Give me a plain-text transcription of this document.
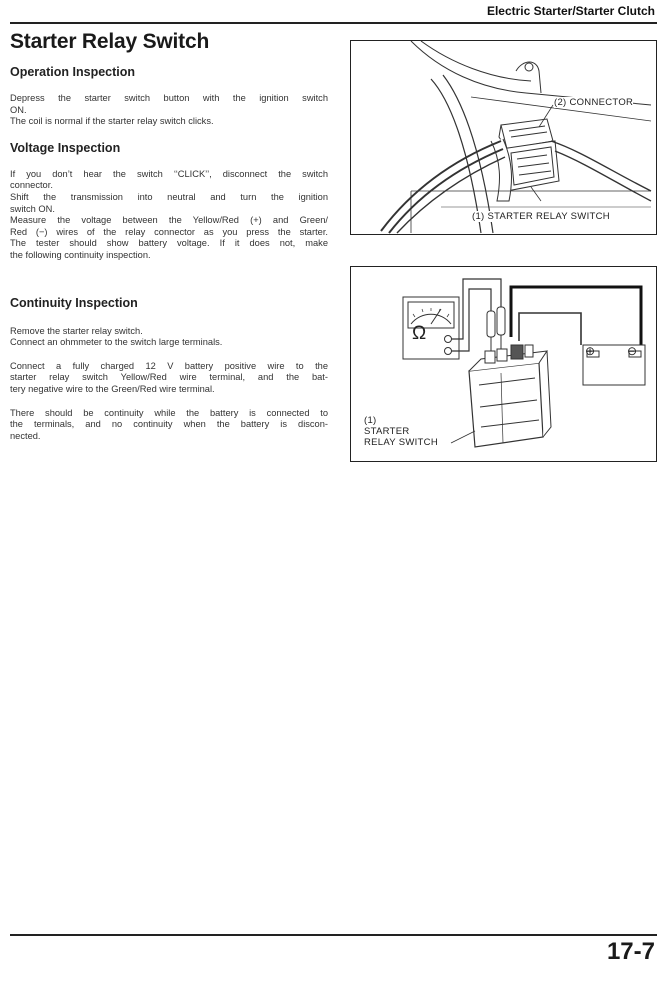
Electric Starter/Starter Clutch
Starter Relay Switch
Operation Inspection

Depress the starter switch button with the ignition switch
ON.
The coil is normal if the starter relay switch clicks.

Voltage Inspection

If you don’t hear the switch ‘‘CLICK’’, disconnect the switch
connector.
Shift the transmission into neutral and turn the ignition
switch ON.
Measure the voltage between the Yellow/Red (+) and Green/
Red (−) wires of the relay connector as you press the starter.
The tester should show battery voltage. If it does not, make
the following continuity inspection.

Continuity Inspection

Remove the starter relay switch.
Connect an ohmmeter to the switch large terminals.

Connect a fully charged 12 V battery positive wire to the
starter relay switch Yellow/Red wire terminal, and the bat-
tery negative wire to the Green/Red wire terminal.

There should be continuity while the battery is connected to
the terminals, and no continuity when the battery is discon-
nected.

(2) CONNECTOR
(1) STARTER RELAY SWITCH
Ω
⊕	⊖
(1)
STARTER
RELAY SWITCH
17-7
